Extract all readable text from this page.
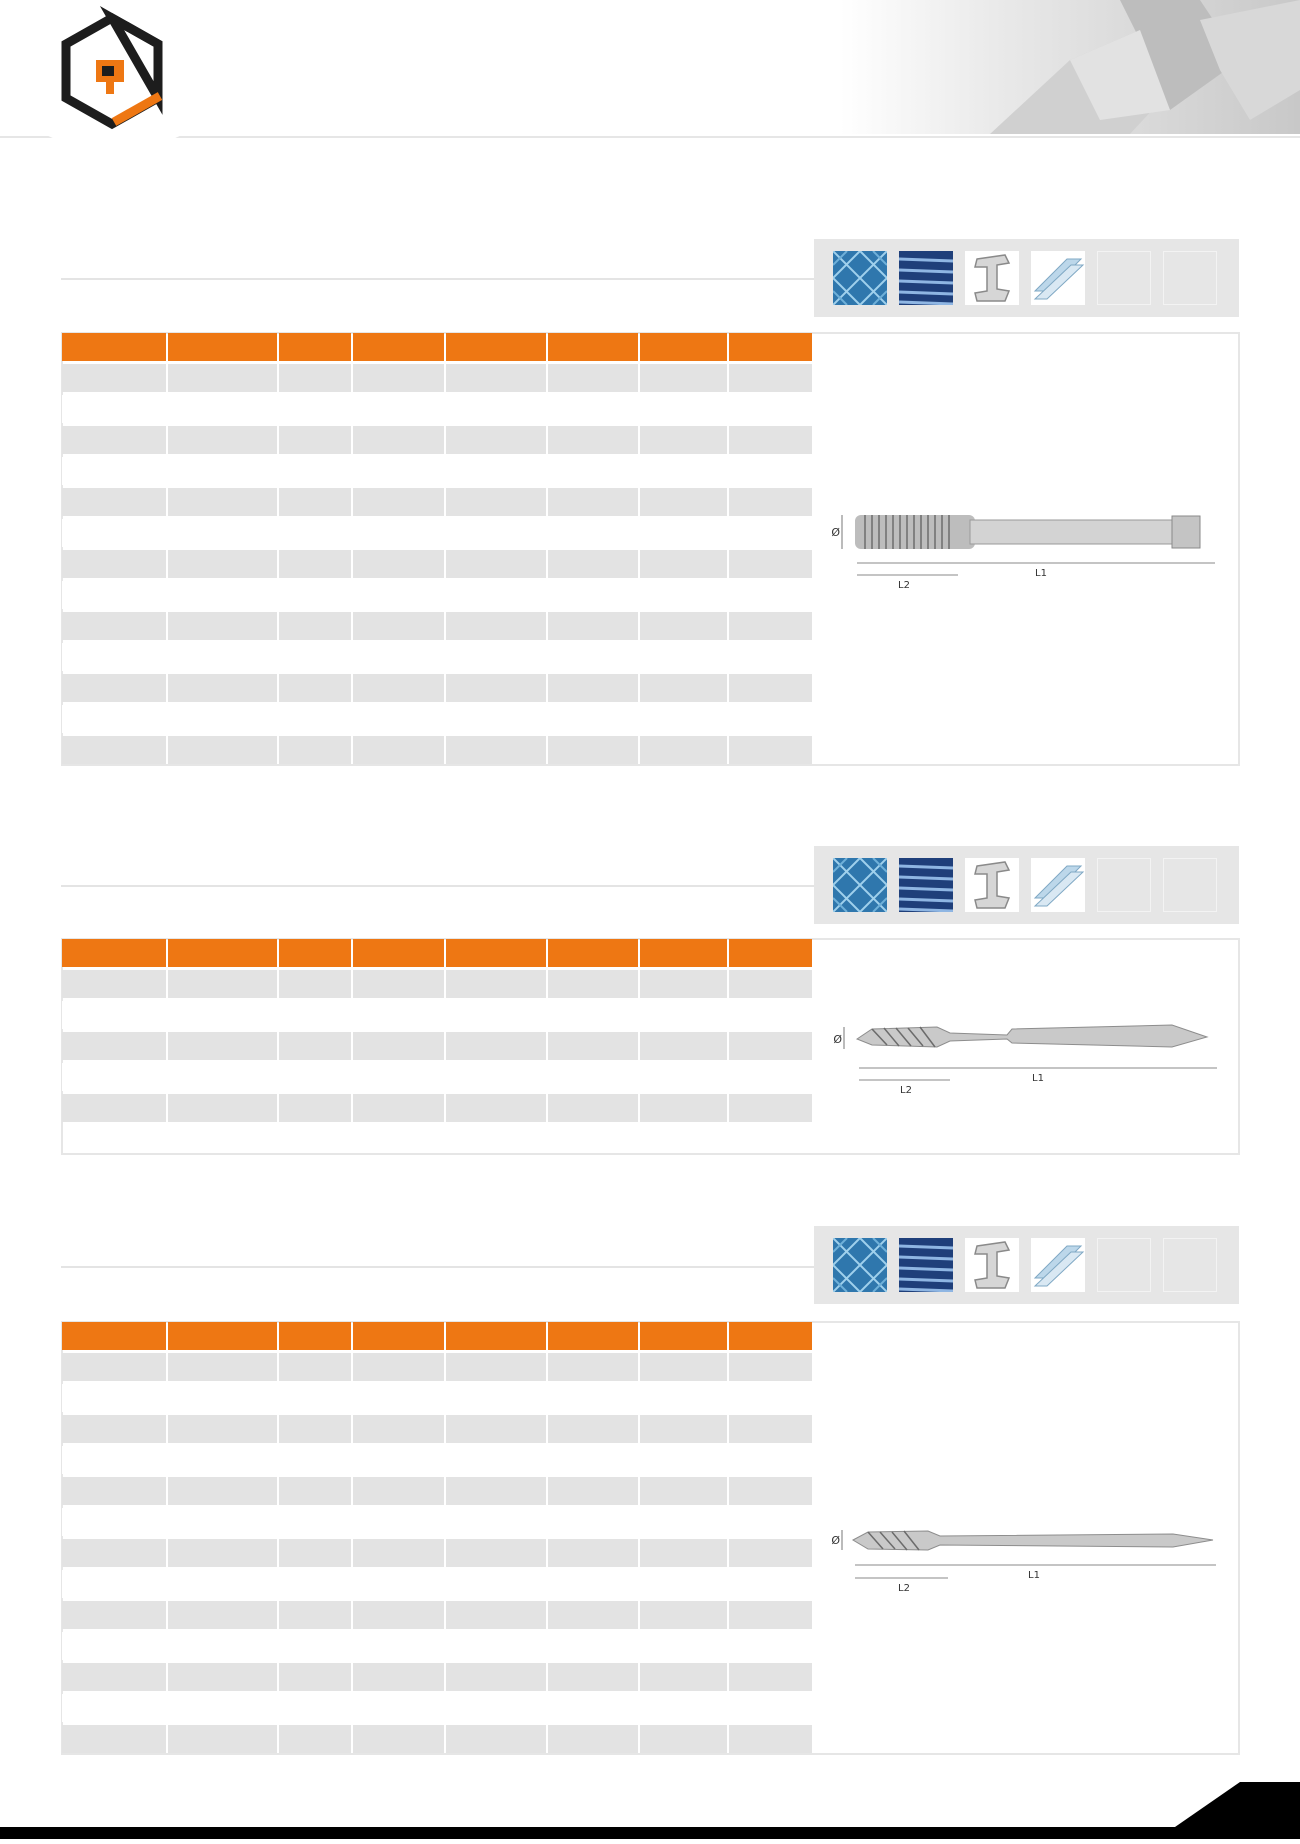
Ø
L1
L2
Ø
L1
L2
Ø
L1
L2
